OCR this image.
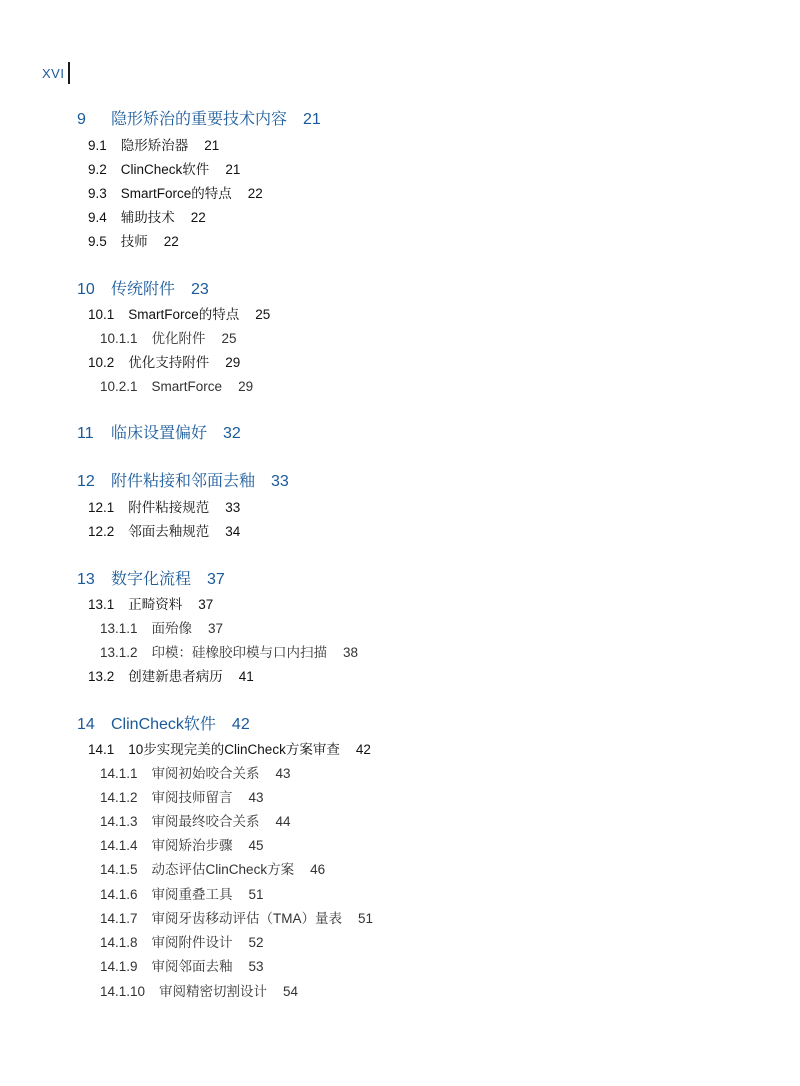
XVI
9 隐形矫治的重要技术内容 21
9.1 隐形矫治器 21
9.2 ClinCheck软件 21
9.3 SmartForce的特点 22
9.4 辅助技术 22
9.5 技师 22
10 传统附件 23
10.1 SmartForce的特点 25
10.1.1 优化附件 25
10.2 优化支持附件 29
10.2.1 SmartForce 29
11 临床设置偏好 32
12 附件粘接和邻面去釉 33
12.1 附件粘接规范 33
12.2 邻面去釉规范 34
13 数字化流程 37
13.1 正畸资料 37
13.1.1 面殆像 37
13.1.2 印模：硅橡胶印模与口内扫描 38
13.2 创建新患者病历 41
14 ClinCheck软件 42
14.1 10步实现完美的ClinCheck方案审查 42
14.1.1 审阅初始咬合关系 43
14.1.2 审阅技师留言 43
14.1.3 审阅最终咬合关系 44
14.1.4 审阅矫治步骤 45
14.1.5 动态评估ClinCheck方案 46
14.1.6 审阅重叠工具 51
14.1.7 审阅牙齿移动评估（TMA）量表 51
14.1.8 审阅附件设计 52
14.1.9 审阅邻面去釉 53
14.1.10 审阅精密切割设计 54
